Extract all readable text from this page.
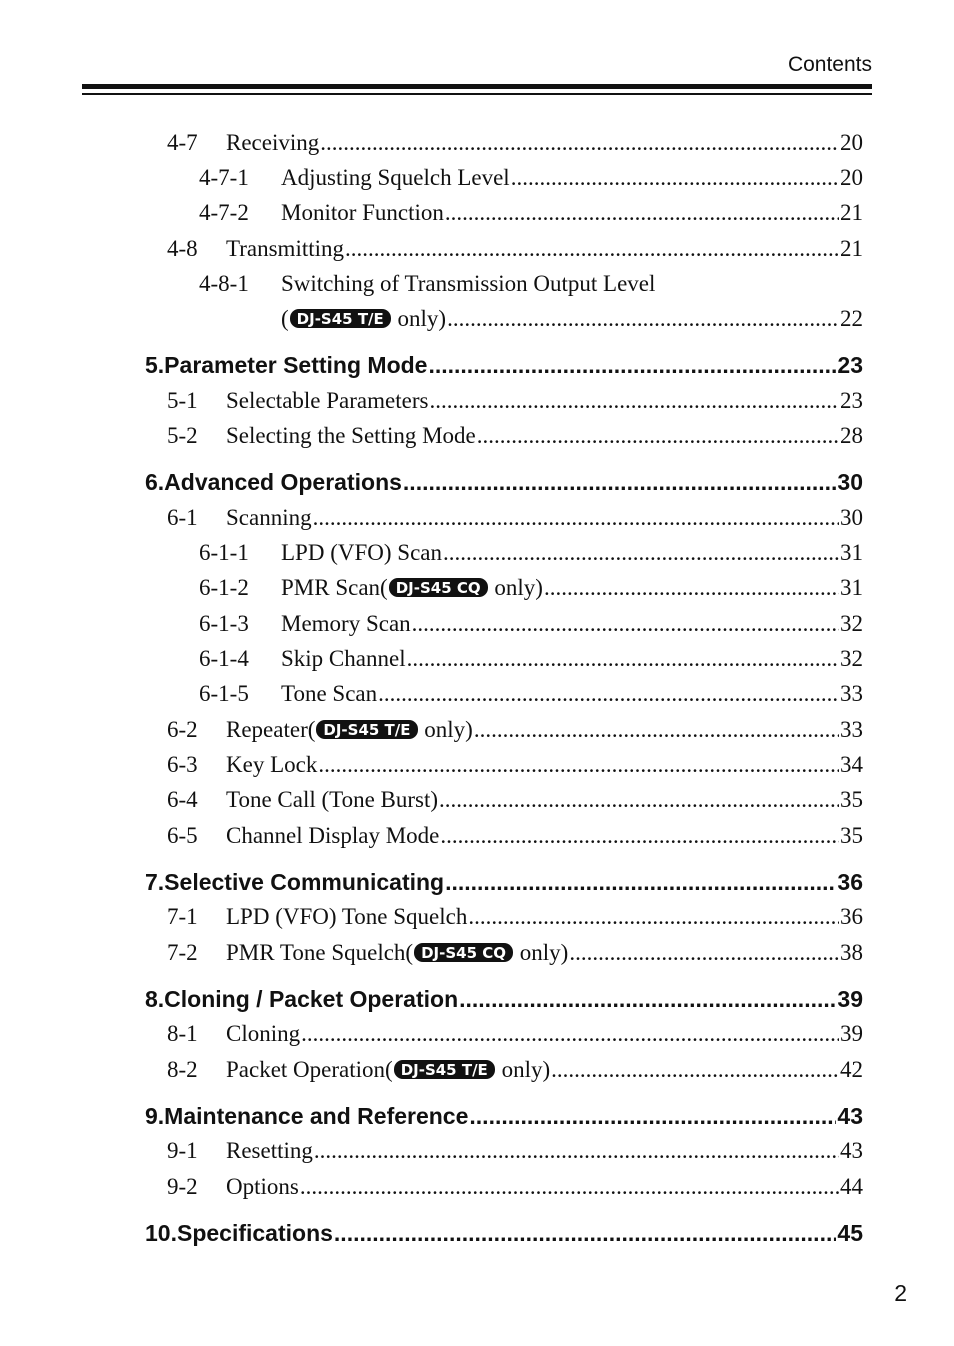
Contents
4-7	Receiving .....	20
4-7-1	Adjusting Squelch Level .....	20
4-7-2	Monitor Function .....	21
4-8	Transmitting .....	21
4-8-1	Switching of Transmission Output Level
( DJ-S45 T/E only) .....	22
5.Parameter Setting Mode .....	23
5-1	Selectable Parameters .....	23
5-2	Selecting the Setting Mode .....	28
6.Advanced Operations .....	30
6-1	Scanning .....	30
6-1-1	LPD (VFO) Scan .....	31
6-1-2	PMR Scan( DJ-S45 CQ only) .....	31
6-1-3	Memory Scan .....	32
6-1-4	Skip Channel .....	32
6-1-5	Tone Scan .....	33
6-2	Repeater( DJ-S45 T/E only) .....	33
6-3	Key Lock .....	34
6-4	Tone Call (Tone Burst) .....	35
6-5	Channel Display Mode .....	35
7.Selective Communicating .....	36
7-1	LPD (VFO) Tone Squelch .....	36
7-2	PMR Tone Squelch( DJ-S45 CQ only) .....	38
8.Cloning / Packet Operation .....	39
8-1	Cloning .....	39
8-2	Packet Operation( DJ-S45 T/E only) .....	42
9.Maintenance and Reference .....	43
9-1	Resetting .....	43
9-2	Options .....	44
10.Specifications .....	45
2
